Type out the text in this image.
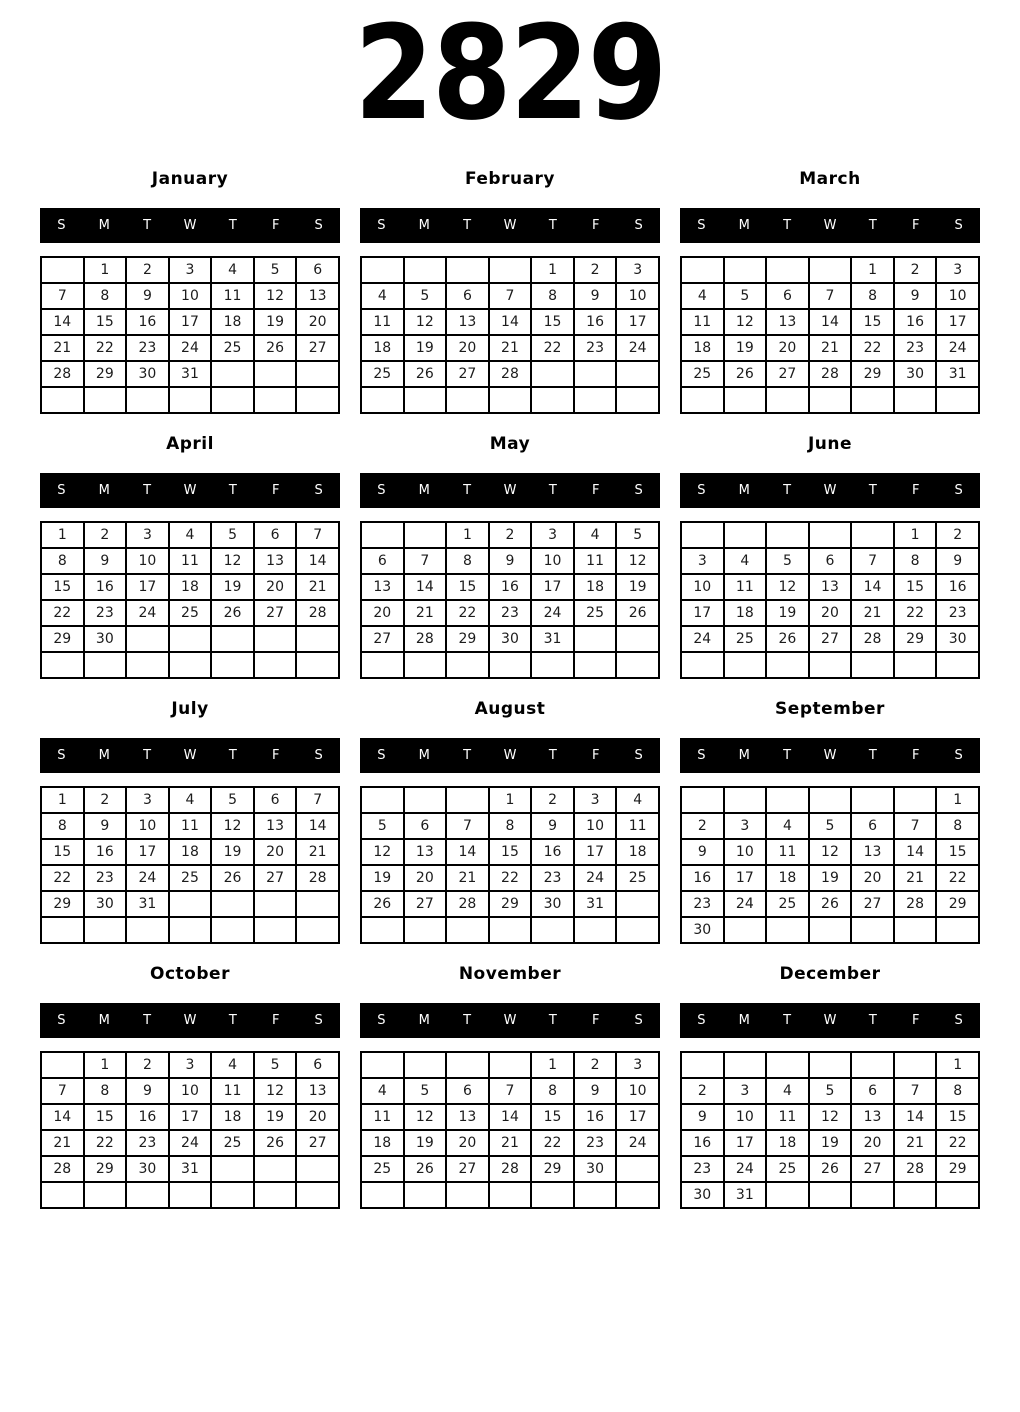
2829
January
S	M	T	W	T	F	S
	1	2	3	4	5	6
7	8	9	10	11	12	13
14	15	16	17	18	19	20
21	22	23	24	25	26	27
28	29	30	31			

February
S	M	T	W	T	F	S
				1	2	3
4	5	6	7	8	9	10
11	12	13	14	15	16	17
18	19	20	21	22	23	24
25	26	27	28			

March
S	M	T	W	T	F	S
				1	2	3
4	5	6	7	8	9	10
11	12	13	14	15	16	17
18	19	20	21	22	23	24
25	26	27	28	29	30	31

April
S	M	T	W	T	F	S
1	2	3	4	5	6	7
8	9	10	11	12	13	14
15	16	17	18	19	20	21
22	23	24	25	26	27	28
29	30					

May
S	M	T	W	T	F	S
		1	2	3	4	5
6	7	8	9	10	11	12
13	14	15	16	17	18	19
20	21	22	23	24	25	26
27	28	29	30	31		

June
S	M	T	W	T	F	S
					1	2
3	4	5	6	7	8	9
10	11	12	13	14	15	16
17	18	19	20	21	22	23
24	25	26	27	28	29	30

July
S	M	T	W	T	F	S
1	2	3	4	5	6	7
8	9	10	11	12	13	14
15	16	17	18	19	20	21
22	23	24	25	26	27	28
29	30	31				

August
S	M	T	W	T	F	S
			1	2	3	4
5	6	7	8	9	10	11
12	13	14	15	16	17	18
19	20	21	22	23	24	25
26	27	28	29	30	31	

September
S	M	T	W	T	F	S
						1
2	3	4	5	6	7	8
9	10	11	12	13	14	15
16	17	18	19	20	21	22
23	24	25	26	27	28	29
30						
October
S	M	T	W	T	F	S
	1	2	3	4	5	6
7	8	9	10	11	12	13
14	15	16	17	18	19	20
21	22	23	24	25	26	27
28	29	30	31			

November
S	M	T	W	T	F	S
				1	2	3
4	5	6	7	8	9	10
11	12	13	14	15	16	17
18	19	20	21	22	23	24
25	26	27	28	29	30	

December
S	M	T	W	T	F	S
						1
2	3	4	5	6	7	8
9	10	11	12	13	14	15
16	17	18	19	20	21	22
23	24	25	26	27	28	29
30	31					
